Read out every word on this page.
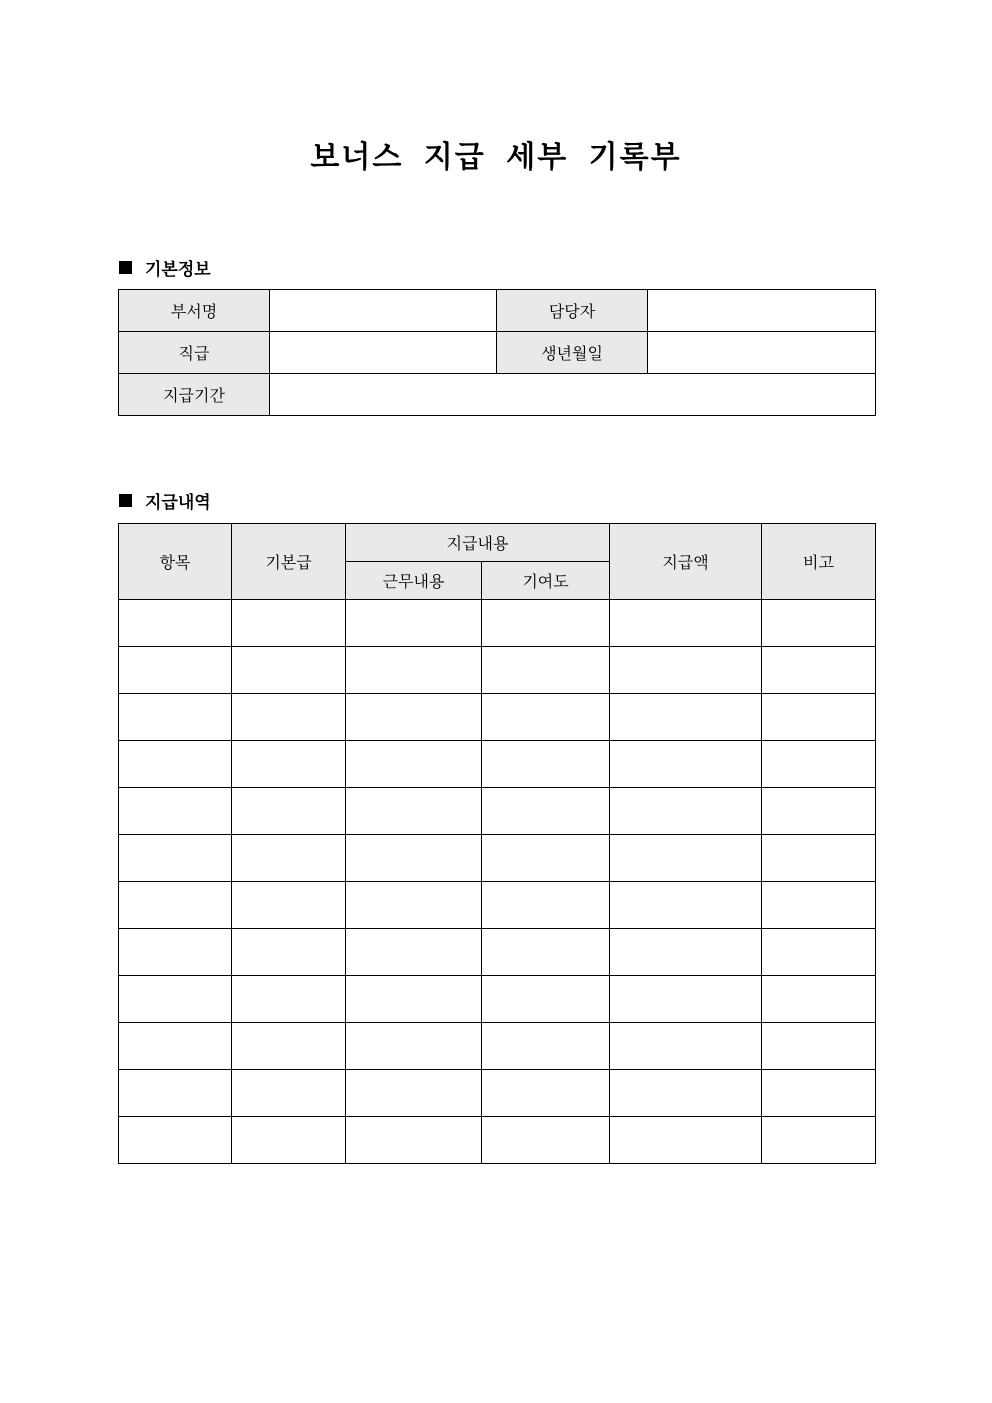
보너스 지급 세부 기록부
기본정보
부서명		담당자	
직급		생년월일	
지급기간			
지급내역
항목	기본급	지급내용		지급액	비고
		근무내용	기여도		
